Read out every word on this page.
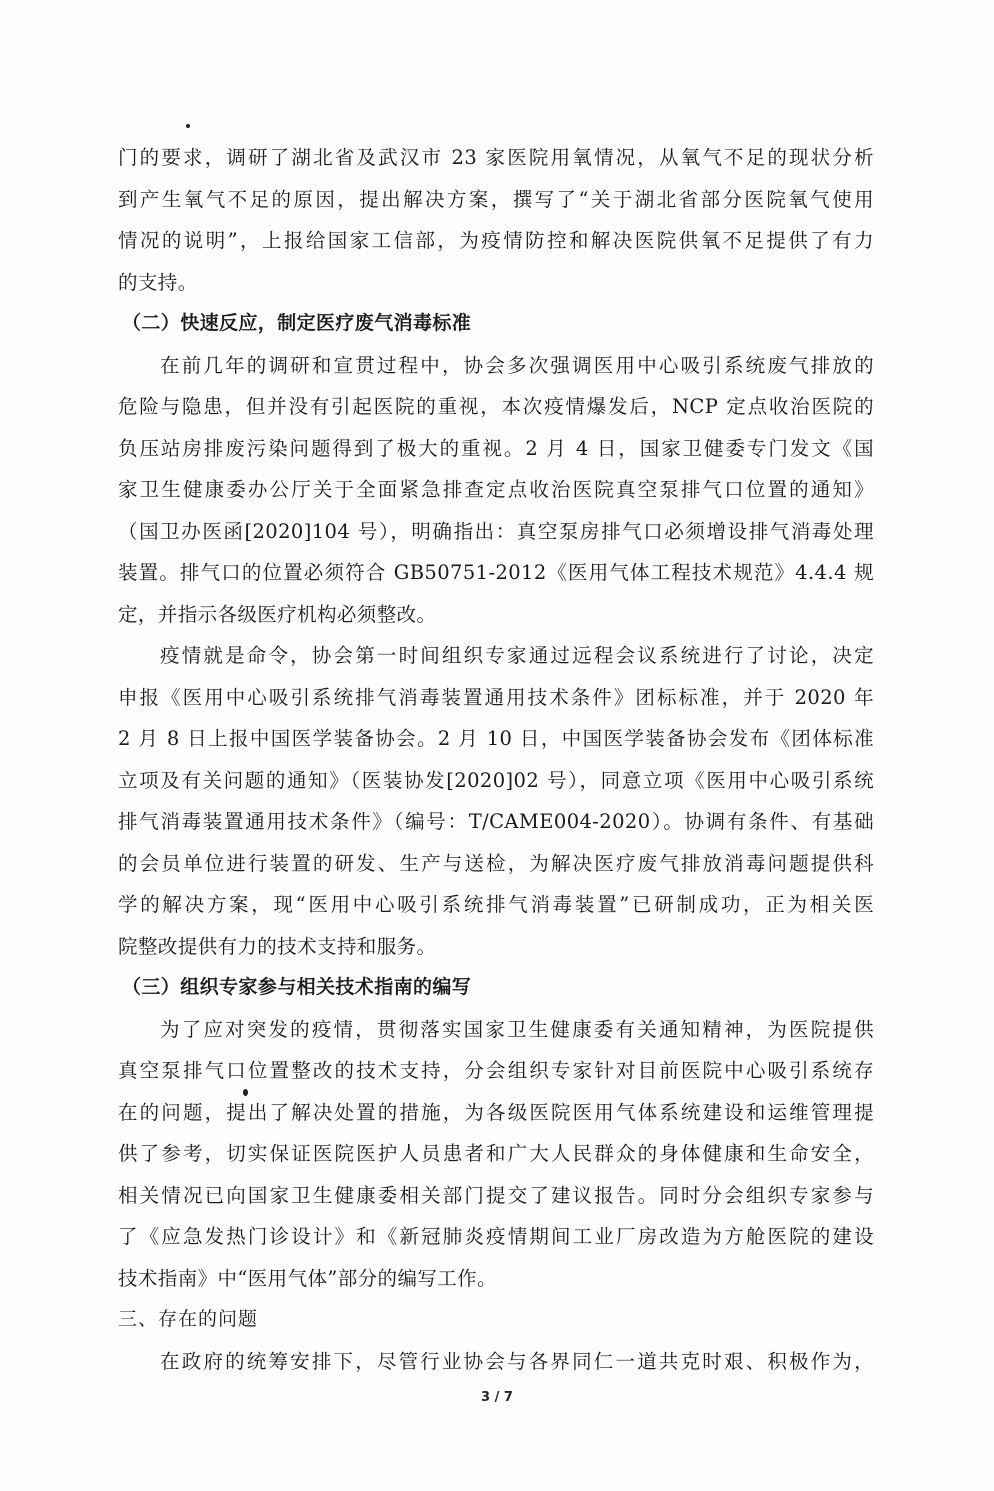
门的要求，调研了湖北省及武汉市 23 家医院用氧情况，从氧气不足的现状分析
到产生氧气不足的原因，提出解决方案，撰写了“关于湖北省部分医院氧气使用
情况的说明”，上报给国家工信部，为疫情防控和解决医院供氧不足提供了有力
的支持。
（二）快速反应，制定医疗废气消毒标准
在前几年的调研和宣贯过程中，协会多次强调医用中心吸引系统废气排放的
危险与隐患，但并没有引起医院的重视，本次疫情爆发后，NCP 定点收治医院的
负压站房排废污染问题得到了极大的重视。2 月 4 日，国家卫健委专门发文《国
家卫生健康委办公厅关于全面紧急排查定点收治医院真空泵排气口位置的通知》
（国卫办医函[2020]104 号），明确指出：真空泵房排气口必须增设排气消毒处理
装置。排气口的位置必须符合 GB50751-2012《医用气体工程技术规范》4.4.4 规
定，并指示各级医疗机构必须整改。
疫情就是命令，协会第一时间组织专家通过远程会议系统进行了讨论，决定
申报《医用中心吸引系统排气消毒装置通用技术条件》团标标准，并于 2020 年
2 月 8 日上报中国医学装备协会。2 月 10 日，中国医学装备协会发布《团体标准
立项及有关问题的通知》（医装协发[2020]02 号），同意立项《医用中心吸引系统
排气消毒装置通用技术条件》（编号：T/CAME004-2020）。协调有条件、有基础
的会员单位进行装置的研发、生产与送检，为解决医疗废气排放消毒问题提供科
学的解决方案，现“医用中心吸引系统排气消毒装置”已研制成功，正为相关医
院整改提供有力的技术支持和服务。
（三）组织专家参与相关技术指南的编写
为了应对突发的疫情，贯彻落实国家卫生健康委有关通知精神，为医院提供
真空泵排气口位置整改的技术支持，分会组织专家针对目前医院中心吸引系统存
在的问题，提出了解决处置的措施，为各级医院医用气体系统建设和运维管理提
供了参考，切实保证医院医护人员患者和广大人民群众的身体健康和生命安全，
相关情况已向国家卫生健康委相关部门提交了建议报告。同时分会组织专家参与
了《应急发热门诊设计》和《新冠肺炎疫情期间工业厂房改造为方舱医院的建设
技术指南》中“医用气体”部分的编写工作。
三、存在的问题
在政府的统筹安排下，尽管行业协会与各界同仁一道共克时艰、积极作为，
3 / 7
